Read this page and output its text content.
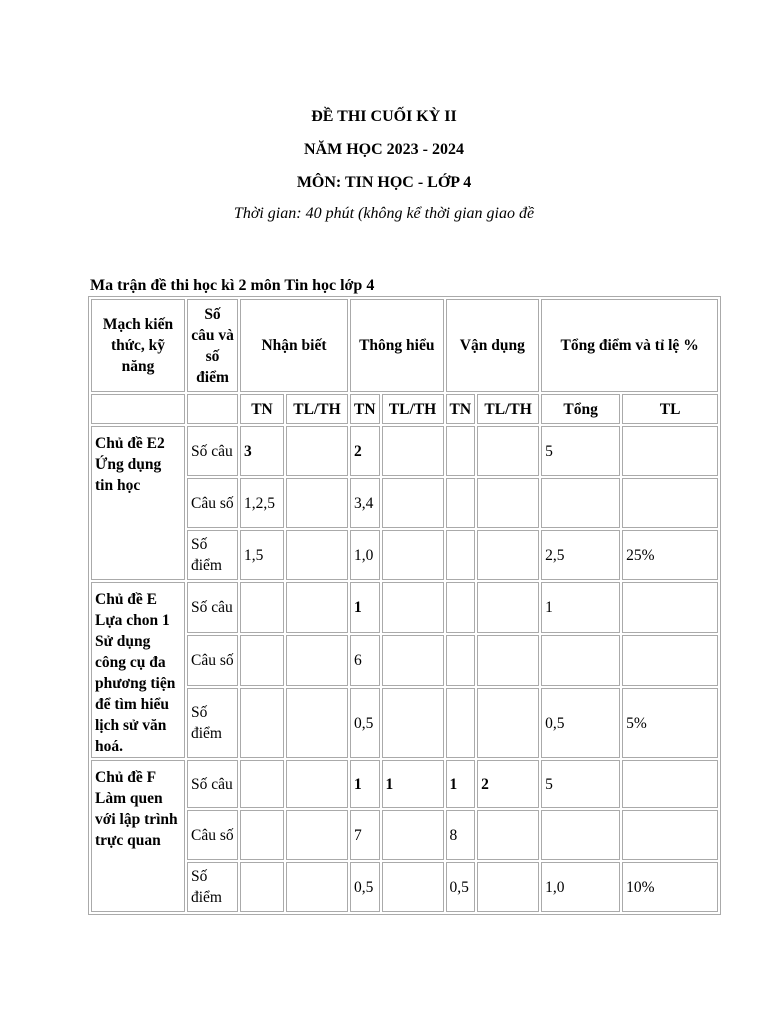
ĐỀ THI CUỐI KỲ II
NĂM HỌC 2023 - 2024
MÔN: TIN HỌC - LỚP 4
Thời gian: 40 phút (không kể thời gian giao đề
Ma trận đề thi học kì 2 môn Tin học lớp 4
Mạch kiến thức, kỹ năng	Số câu và số điểm	Nhận biết		Thông hiểu		Vận dụng		Tổng điểm và tỉ lệ %	
		TN	TL/TH	TN	TL/TH	TN	TL/TH	Tổng	TL
Chủ đề E2 Ứng dụng tin học	Số câu	3		2				5	
	Câu số	1,2,5		3,4					
	Số điểm	1,5		1,0				2,5	25%
Chủ đề E Lựa chon 1 Sử dụng công cụ đa phương tiện để tìm hiểu lịch sử văn hoá.	Số câu			1				1	
	Câu số			6					
	Số điểm			0,5				0,5	5%
Chủ đề F Làm quen với lập trình trực quan	Số câu			1	1	1	2	5	
	Câu số			7		8			
	Số điểm			0,5		0,5		1,0	10%
